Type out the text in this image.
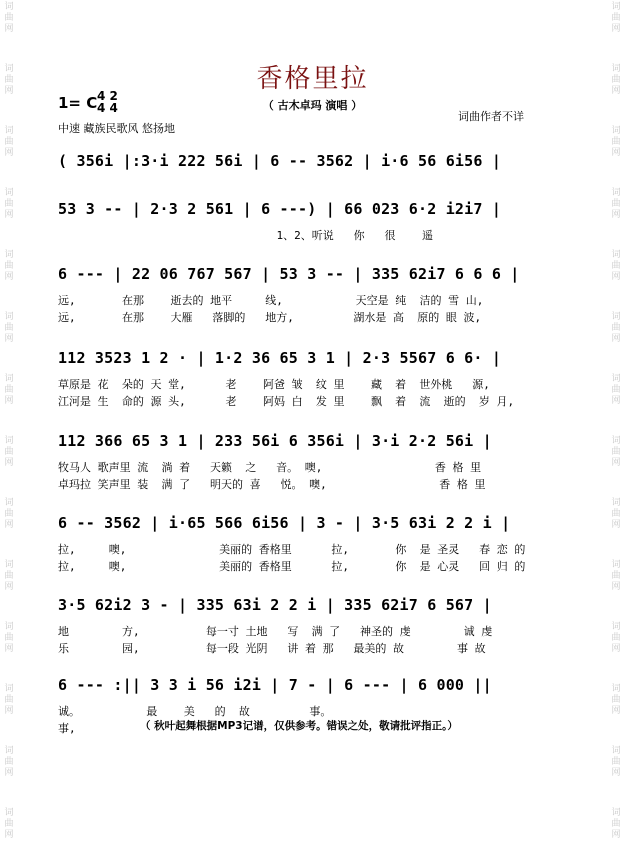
词 曲 网
词 曲 网
词 曲 网
词 曲 网
词 曲 网
词 曲 网
词 曲 网
词 曲 网
词 曲 网
词 曲 网
词 曲 网
词 曲 网
词 曲 网
词 曲 网
词 曲 网
词 曲 网
词 曲 网
词 曲 网
词 曲 网
词 曲 网
词 曲 网
词 曲 网
词 曲 网
词 曲 网
词 曲 网
词 曲 网
词 曲 网
词 曲 网
香格里拉
（ 古木卓玛 演唱 ）
1= C 4 2
4 4
中速 藏族民歌风 悠扬地
词曲作者不详
( 356i |:3·i 222 56i | 6 -- 3562 | i·6 56 6i56 |
53 3 -- | 2·3 2 561 | 6 ---) | 66 023 6·2 i2i7 |
1、2、听说   你   很    遥
6 --- | 22 06 767 567 | 53 3 -- | 335 62i7 6 6 6 |
远,       在那    逝去的 地平     线,           天空是 纯  洁的 雪 山,
远,       在那    大雁   落脚的   地方,         湖水是 高  原的 眼 波,
112 3523 1 2 · | 1·2 36 65 3 1 | 2·3 5567 6 6· |
草原是 花  朵的 天 堂,      老    阿爸 皱  纹 里    藏  着  世外桃   源,
江河是 生  命的 源 头,      老    阿妈 白  发 里    飘  着  流  逝的  岁 月,
112 366 65 3 1 | 233 56i 6 356i | 3·i 2·2 56i |
牧马人 歌声里 流  淌 着   天籁  之   音。 噢,                 香 格 里
卓玛拉 笑声里 装  满 了   明天的 喜   悦。 噢,                 香 格 里
6 -- 3562 | i·65 566 6i56 | 3 - | 3·5 63i 2 2 i |
拉,     噢,              美丽的 香格里      拉,       你  是 圣灵   春 恋 的
拉,     噢,              美丽的 香格里      拉,       你  是 心灵   回 归 的
3·5 62i2 3 - | 335 63i 2 2 i | 335 62i7 6 567 |
地        方,          每一寸 土地   写  满 了   神圣的 虔        诚 虔
乐        园,          每一段 光阴   讲 着 那   最美的 故        事 故
6 --- :|| 3 3 i 56 i2i | 7 - | 6 --- | 6 000 ||
诚。          最    美   的  故         事。
事,	（ 秋叶起舞根据MP3记谱，仅供参考。错误之处，敬请批评指正。）
